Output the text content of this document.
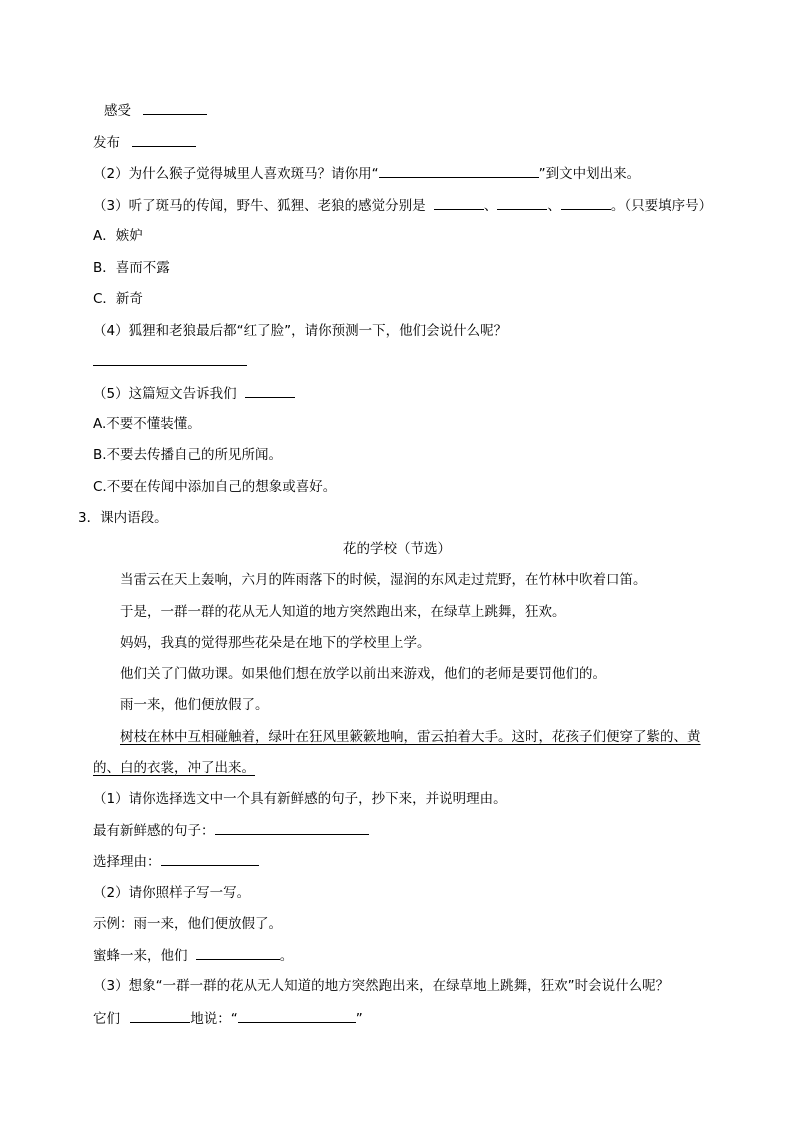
感受
发布
（2）为什么猴子觉得城里人喜欢斑马？请你用“	”到文中划出来。
（3）听了斑马的传闻，野牛、狐狸、老狼的感觉分别是	、	、	。（只要填序号）
A．嫉妒
B．喜而不露
C．新奇
（4）狐狸和老狼最后都“红了脸”，请你预测一下，他们会说什么呢？
（5）这篇短文告诉我们
A.不要不懂装懂。
B.不要去传播自己的所见所闻。
C.不要在传闻中添加自己的想象或喜好。
3．课内语段。
花的学校（节选）
当雷云在天上轰响，六月的阵雨落下的时候，湿润的东风走过荒野，在竹林中吹着口笛。
于是，一群一群的花从无人知道的地方突然跑出来，在绿草上跳舞，狂欢。
妈妈，我真的觉得那些花朵是在地下的学校里上学。
他们关了门做功课。如果他们想在放学以前出来游戏，他们的老师是要罚他们的。
雨一来，他们便放假了。
树枝在林中互相碰触着，绿叶在狂风里簌簌地响，雷云拍着大手。这时，花孩子们便穿了紫的、黄
的、白的衣裳，冲了出来。
（1）请你选择选文中一个具有新鲜感的句子，抄下来，并说明理由。
最有新鲜感的句子：
选择理由：
（2）请你照样子写一写。
示例：雨一来，他们便放假了。
蜜蜂一来，他们	。
（3）想象“一群一群的花从无人知道的地方突然跑出来，在绿草地上跳舞，狂欢”时会说什么呢？
它们	地说：“	”
